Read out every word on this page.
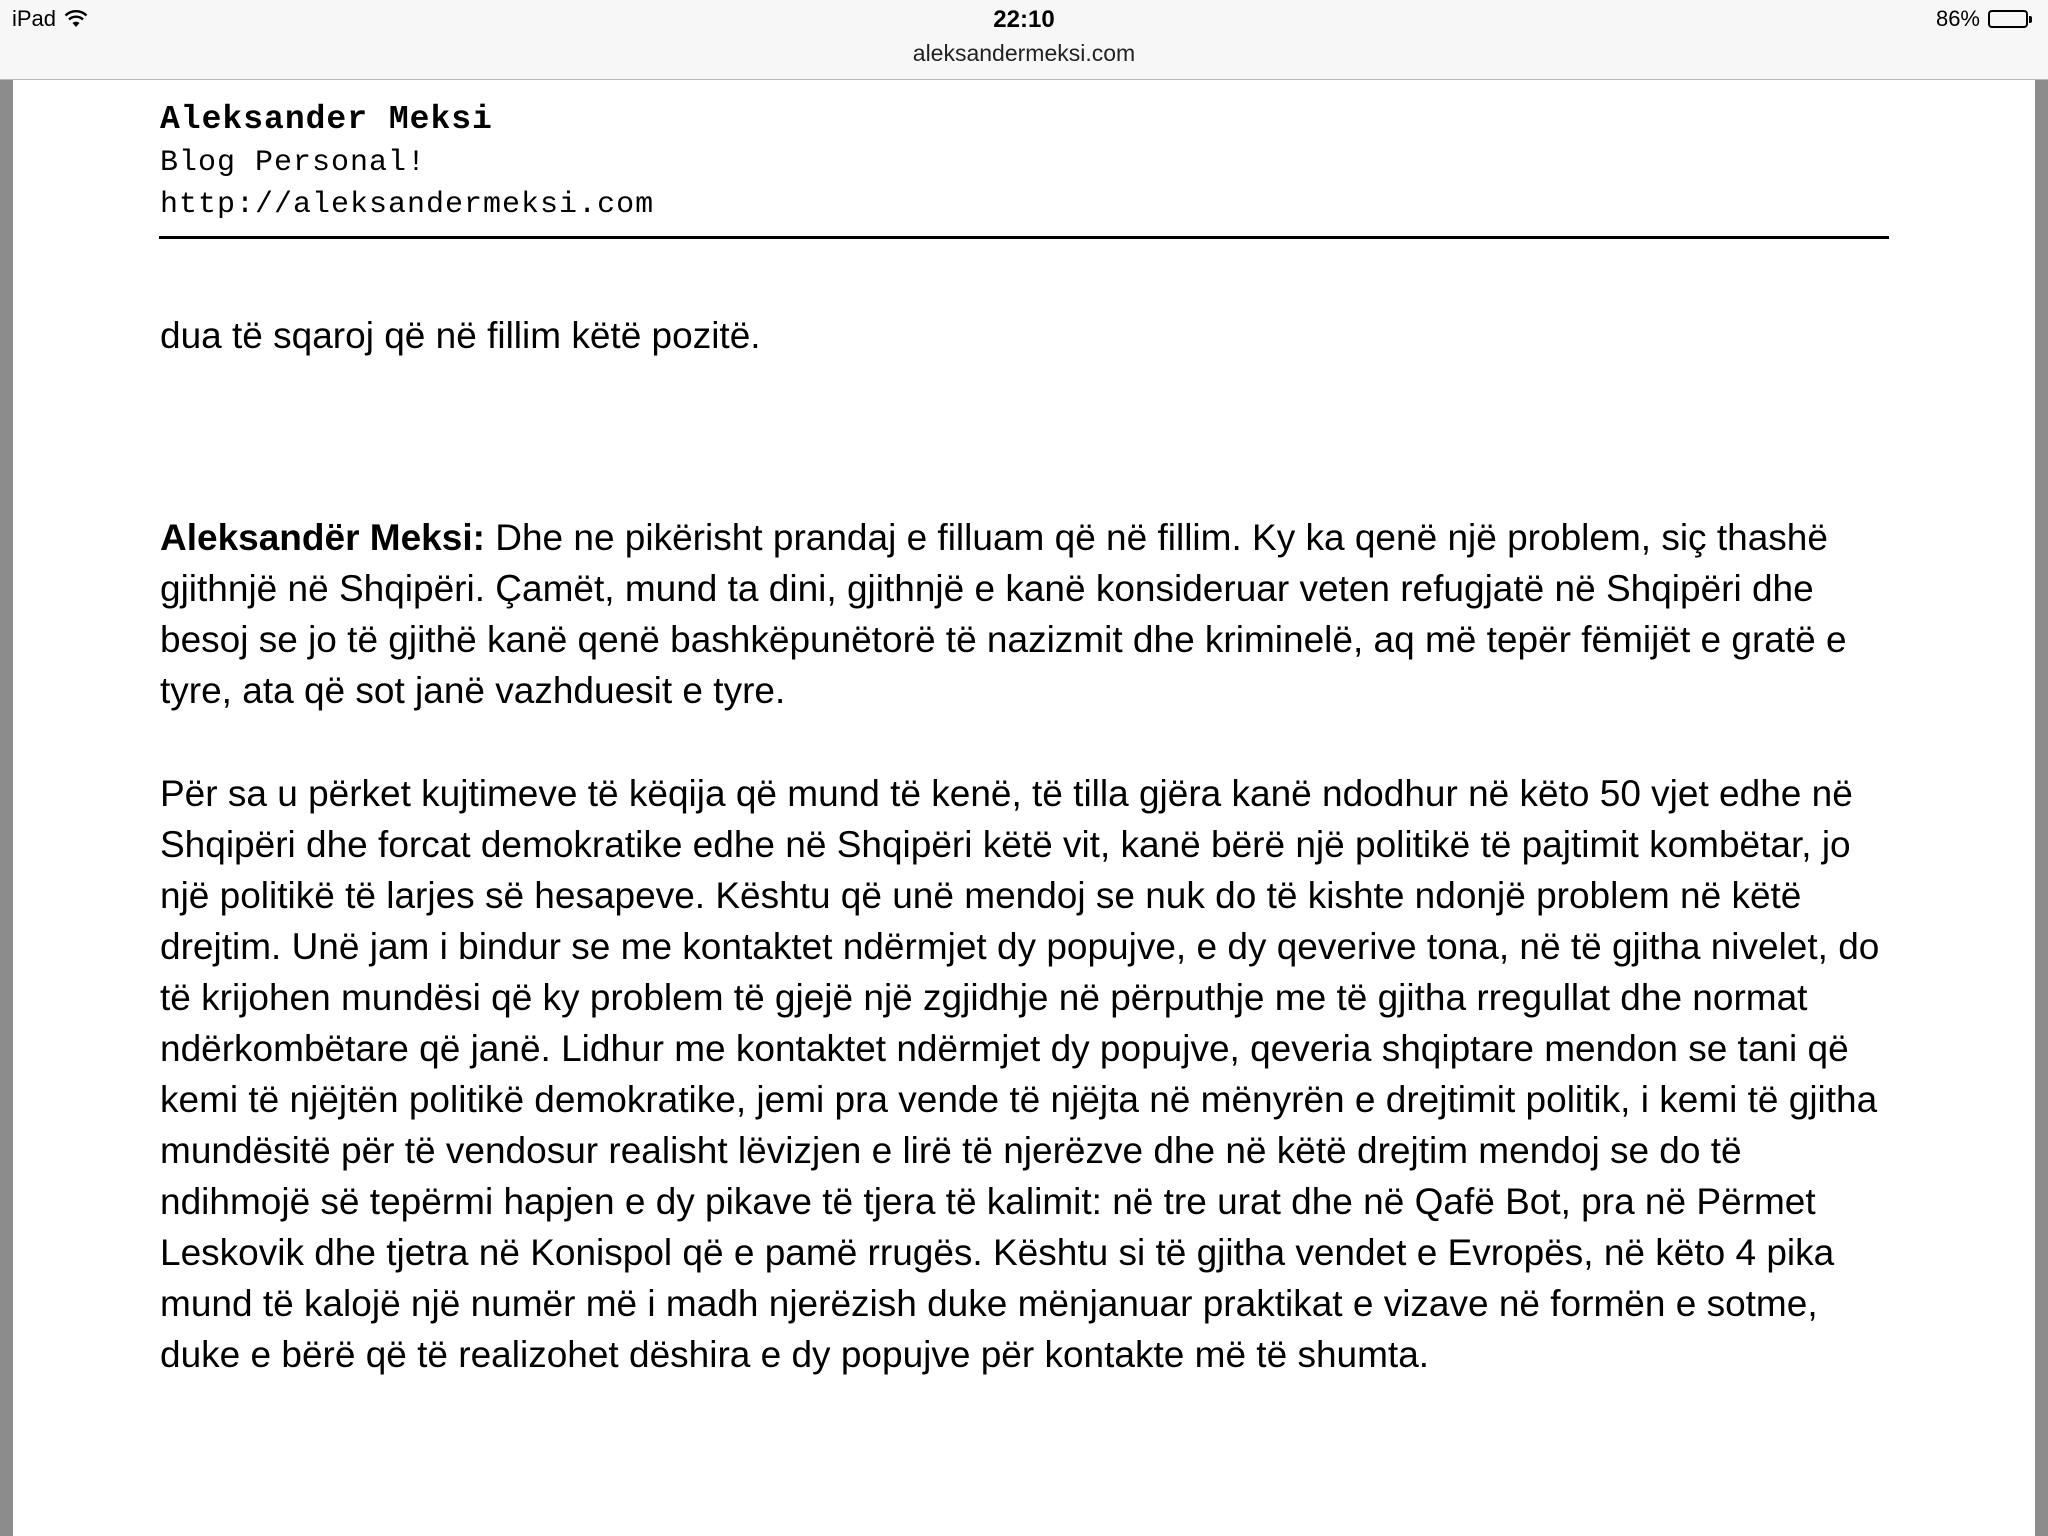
iPad	22:10	86%
aleksandermeksi.com
Aleksander Meksi
Blog Personal!
http://aleksandermeksi.com

dua të sqaroj që në fillim këtë pozitë.

Aleksandër Meksi: Dhe ne pikërisht prandaj e filluam që në fillim. Ky ka qenë një problem, siç thashë gjithnjë në Shqipëri. Çamët, mund ta dini, gjithnjë e kanë konsideruar veten refugjatë në Shqipëri dhe besoj se jo të gjithë kanë qenë bashkëpunëtorë të nazizmit dhe kriminelë, aq më tepër fëmijët e gratë e tyre, ata që sot janë vazhduesit e tyre.

Për sa u përket kujtimeve të këqija që mund të kenë, të tilla gjëra kanë ndodhur në këto 50 vjet edhe në Shqipëri dhe forcat demokratike edhe në Shqipëri këtë vit, kanë bërë një politikë të pajtimit kombëtar, jo një politikë të larjes së hesapeve. Kështu që unë mendoj se nuk do të kishte ndonjë problem në këtë drejtim. Unë jam i bindur se me kontaktet ndërmjet dy popujve, e dy qeverive tona, në të gjitha nivelet, do të krijohen mundësi që ky problem të gjejë një zgjidhje në përputhje me të gjitha rregullat dhe normat ndërkombëtare që janë. Lidhur me kontaktet ndërmjet dy popujve, qeveria shqiptare mendon se tani që kemi të njëjtën politikë demokratike, jemi pra vende të njëjta në mënyrën e drejtimit politik, i kemi të gjitha mundësitë për të vendosur realisht lëvizjen e lirë të njerëzve dhe në këtë drejtim mendoj se do të ndihmojë së tepërmi hapjen e dy pikave të tjera të kalimit: në tre urat dhe në Qafë Bot, pra në Përmet Leskovik dhe tjetra në Konispol që e pamë rrugës. Kështu si të gjitha vendet e Evropës, në këto 4 pika mund të kalojë një numër më i madh njerëzish duke mënjanuar praktikat e vizave në formën e sotme, duke e bërë që të realizohet dëshira e dy popujve për kontakte më të shumta.
